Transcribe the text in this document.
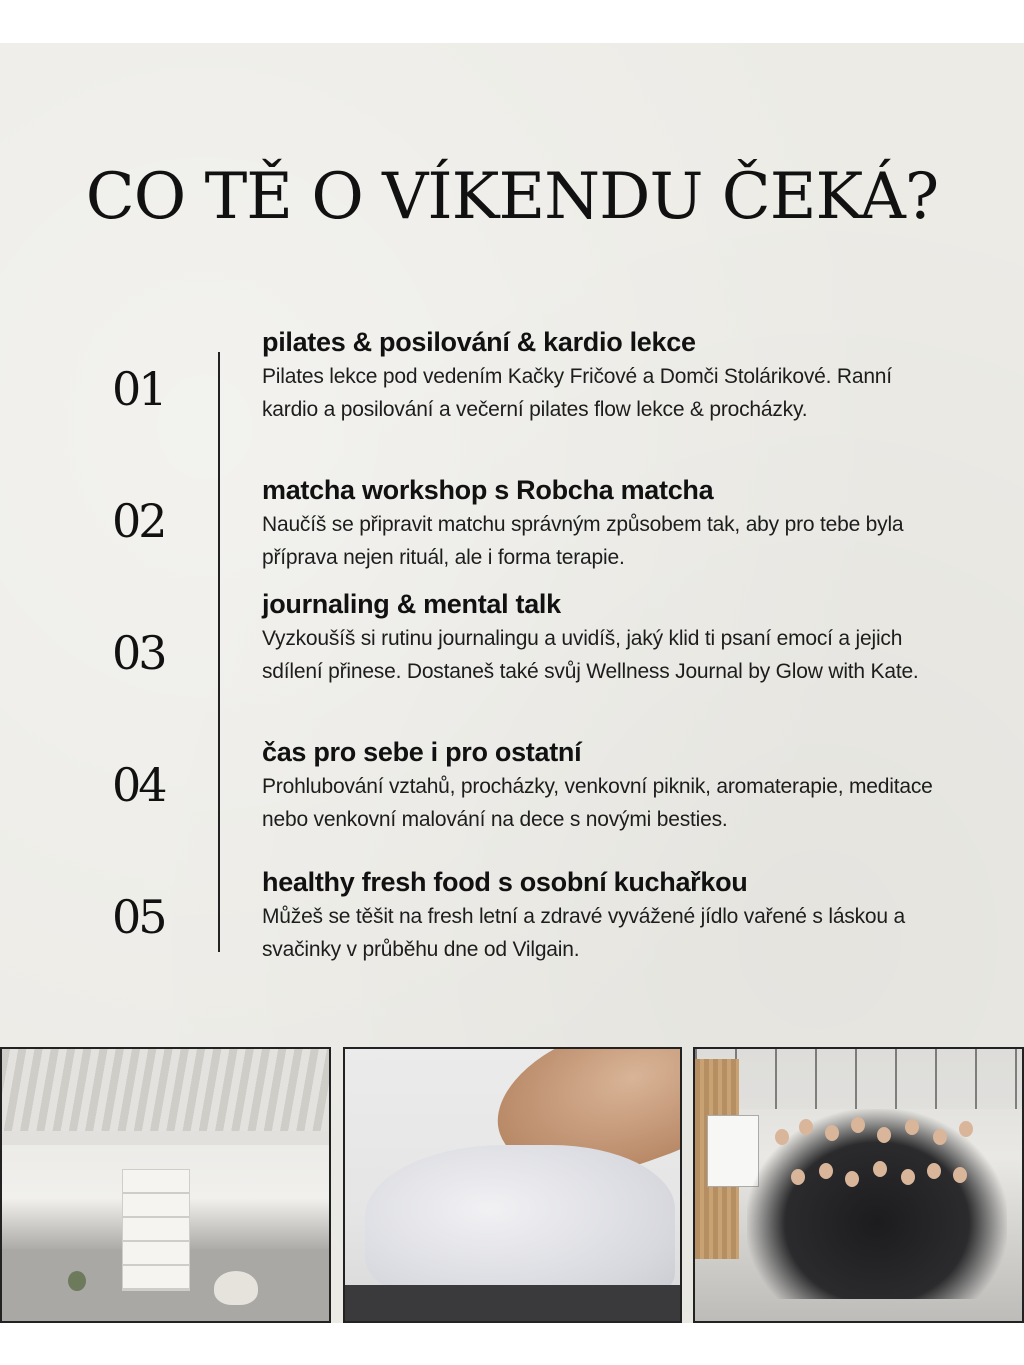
CO TĚ O VÍKENDU ČEKÁ?
01
pilates & posilování & kardio lekce
Pilates lekce pod vedením Kačky Fričové a Domči Stolárikové. Ranní kardio a posilování a večerní pilates flow lekce & procházky.
02
matcha workshop s Robcha matcha
Naučíš se připravit matchu správným způsobem tak, aby pro tebe byla příprava nejen rituál, ale i forma terapie.
03
journaling & mental talk
Vyzkoušíš si rutinu journalingu a uvidíš, jaký klid ti psaní emocí a jejich sdílení přinese. Dostaneš také svůj Wellness Journal by Glow with Kate.
04
čas pro sebe i pro ostatní
Prohlubování vztahů, procházky, venkovní piknik, aromaterapie, meditace nebo venkovní malování na dece s novými besties.
05
healthy fresh food s osobní kuchařkou
Můžeš se těšit na fresh letní a zdravé vyvážené jídlo vařené s láskou a svačinky v průběhu dne od Vilgain.
